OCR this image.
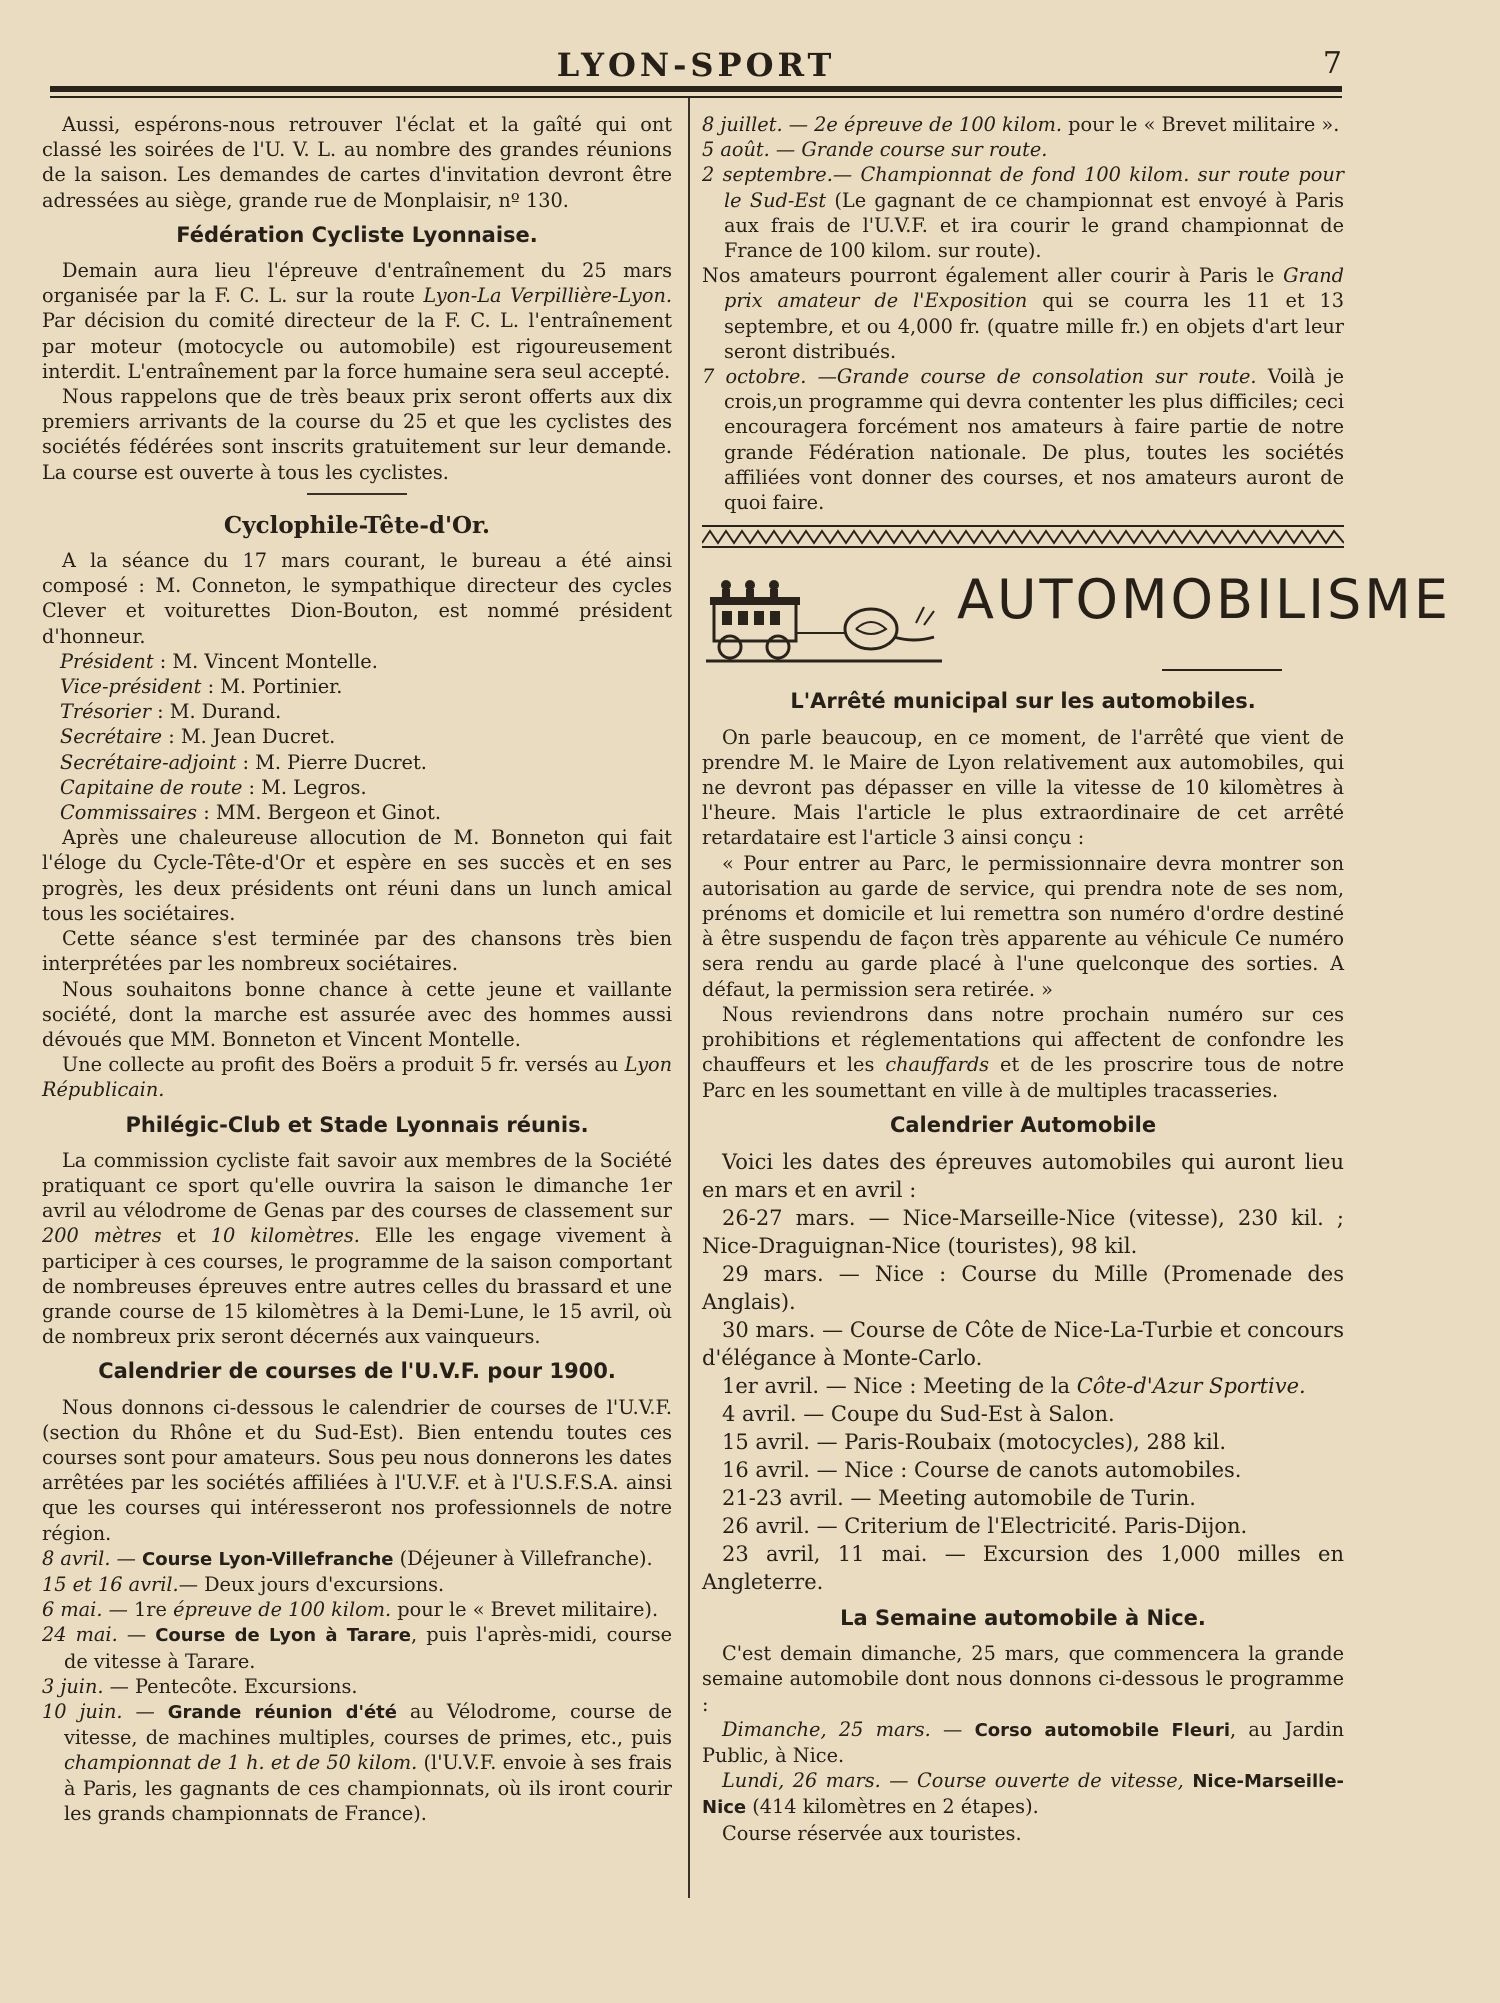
LYON-SPORT	7

Aussi, espérons-nous retrouver l'éclat et la gaîté qui ont classé les soirées de l'U. V. L. au nombre des grandes réunions de la saison. Les demandes de cartes d'invitation devront être adressées au siège, grande rue de Monplaisir, nº 130.

Fédération Cycliste Lyonnaise.

Demain aura lieu l'épreuve d'entraînement du 25 mars organisée par la F. C. L. sur la route Lyon-La Verpillière-Lyon. Par décision du comité directeur de la F. C. L. l'entraînement par moteur (motocycle ou automobile) est rigoureusement interdit. L'entraînement par la force humaine sera seul accepté.

Nous rappelons que de très beaux prix seront offerts aux dix premiers arrivants de la course du 25 et que les cyclistes des sociétés fédérées sont inscrits gratuitement sur leur demande. La course est ouverte à tous les cyclistes.

Cyclophile-Tête-d'Or.

A la séance du 17 mars courant, le bureau a été ainsi composé : M. Conneton, le sympathique directeur des cycles Clever et voiturettes Dion-Bouton, est nommé président d'honneur.

Président : M. Vincent Montelle.
Vice-président : M. Portinier.
Trésorier : M. Durand.
Secrétaire : M. Jean Ducret.
Secrétaire-adjoint : M. Pierre Ducret.
Capitaine de route : M. Legros.
Commissaires : MM. Bergeon et Ginot.

Après une chaleureuse allocution de M. Bonneton qui fait l'éloge du Cycle-Tête-d'Or et espère en ses succès et en ses progrès, les deux présidents ont réuni dans un lunch amical tous les sociétaires.

Cette séance s'est terminée par des chansons très bien interprétées par les nombreux sociétaires.

Nous souhaitons bonne chance à cette jeune et vaillante société, dont la marche est assurée avec des hommes aussi dévoués que MM. Bonneton et Vincent Montelle.

Une collecte au profit des Boërs a produit 5 fr. versés au Lyon Républicain.

Philégic-Club et Stade Lyonnais réunis.

La commission cycliste fait savoir aux membres de la Société pratiquant ce sport qu'elle ouvrira la saison le dimanche 1er avril au vélodrome de Genas par des courses de classement sur 200 mètres et 10 kilomètres. Elle les engage vivement à participer à ces courses, le programme de la saison comportant de nombreuses épreuves entre autres celles du brassard et une grande course de 15 kilomètres à la Demi-Lune, le 15 avril, où de nombreux prix seront décernés aux vainqueurs.

Calendrier de courses de l'U.V.F. pour 1900.

Nous donnons ci-dessous le calendrier de courses de l'U.V.F. (section du Rhône et du Sud-Est). Bien entendu toutes ces courses sont pour amateurs. Sous peu nous donnerons les dates arrêtées par les sociétés affiliées à l'U.V.F. et à l'U.S.F.S.A. ainsi que les courses qui intéresseront nos professionnels de notre région.

8 avril. — Course Lyon-Villefranche (Déjeuner à Villefranche).

15 et 16 avril.— Deux jours d'excursions.

6 mai. — 1re épreuve de 100 kilom. pour le « Brevet militaire).

24 mai. — Course de Lyon à Tarare, puis l'après-midi, course de vitesse à Tarare.

3 juin. — Pentecôte. Excursions.

10 juin. — Grande réunion d'été au Vélodrome, course de vitesse, de machines multiples, courses de primes, etc., puis championnat de 1 h. et de 50 kilom. (l'U.V.F. envoie à ses frais à Paris, les gagnants de ces championnats, où ils iront courir les grands championnats de France).

8 juillet. — 2e épreuve de 100 kilom. pour le « Brevet militaire ».

5 août. — Grande course sur route.

2 septembre.— Championnat de fond 100 kilom. sur route pour le Sud-Est (Le gagnant de ce championnat est envoyé à Paris aux frais de l'U.V.F. et ira courir le grand championnat de France de 100 kilom. sur route).

Nos amateurs pourront également aller courir à Paris le Grand prix amateur de l'Exposition qui se courra les 11 et 13 septembre, et ou 4,000 fr. (quatre mille fr.) en objets d'art leur seront distribués.

7 octobre. —Grande course de consolation sur route. Voilà je crois,un programme qui devra contenter les plus difficiles; ceci encouragera forcément nos amateurs à faire partie de notre grande Fédération nationale. De plus, toutes les sociétés affiliées vont donner des courses, et nos amateurs auront de quoi faire.

AUTOMOBILISME
L'Arrêté municipal sur les automobiles.

On parle beaucoup, en ce moment, de l'arrêté que vient de prendre M. le Maire de Lyon relativement aux automobiles, qui ne devront pas dépasser en ville la vitesse de 10 kilomètres à l'heure. Mais l'article le plus extraordinaire de cet arrêté retardataire est l'article 3 ainsi conçu :

« Pour entrer au Parc, le permissionnaire devra montrer son autorisation au garde de service, qui prendra note de ses nom, prénoms et domicile et lui remettra son numéro d'ordre destiné à être suspendu de façon très apparente au véhicule Ce numéro sera rendu au garde placé à l'une quelconque des sorties. A défaut, la permission sera retirée. »

Nous reviendrons dans notre prochain numéro sur ces prohibitions et réglementations qui affectent de confondre les chauffeurs et les chauffards et de les proscrire tous de notre Parc en les soumettant en ville à de multiples tracasseries.

Calendrier Automobile

Voici les dates des épreuves automobiles qui auront lieu en mars et en avril :

26-27 mars. — Nice-Marseille-Nice (vitesse), 230 kil. ; Nice-Draguignan-Nice (touristes), 98 kil.

29 mars. — Nice : Course du Mille (Promenade des Anglais).

30 mars. — Course de Côte de Nice-La-Turbie et concours d'élégance à Monte-Carlo.

1er avril. — Nice : Meeting de la Côte-d'Azur Sportive.

4 avril. — Coupe du Sud-Est à Salon.

15 avril. — Paris-Roubaix (motocycles), 288 kil.

16 avril. — Nice : Course de canots automobiles.

21-23 avril. — Meeting automobile de Turin.

26 avril. — Criterium de l'Electricité. Paris-Dijon.

23 avril, 11 mai. — Excursion des 1,000 milles en Angleterre.

La Semaine automobile à Nice.

C'est demain dimanche, 25 mars, que commencera la grande semaine automobile dont nous donnons ci-dessous le programme :

Dimanche, 25 mars. — Corso automobile Fleuri, au Jardin Public, à Nice.

Lundi, 26 mars. — Course ouverte de vitesse, Nice-Marseille-Nice (414 kilomètres en 2 étapes).

Course réservée aux touristes.
